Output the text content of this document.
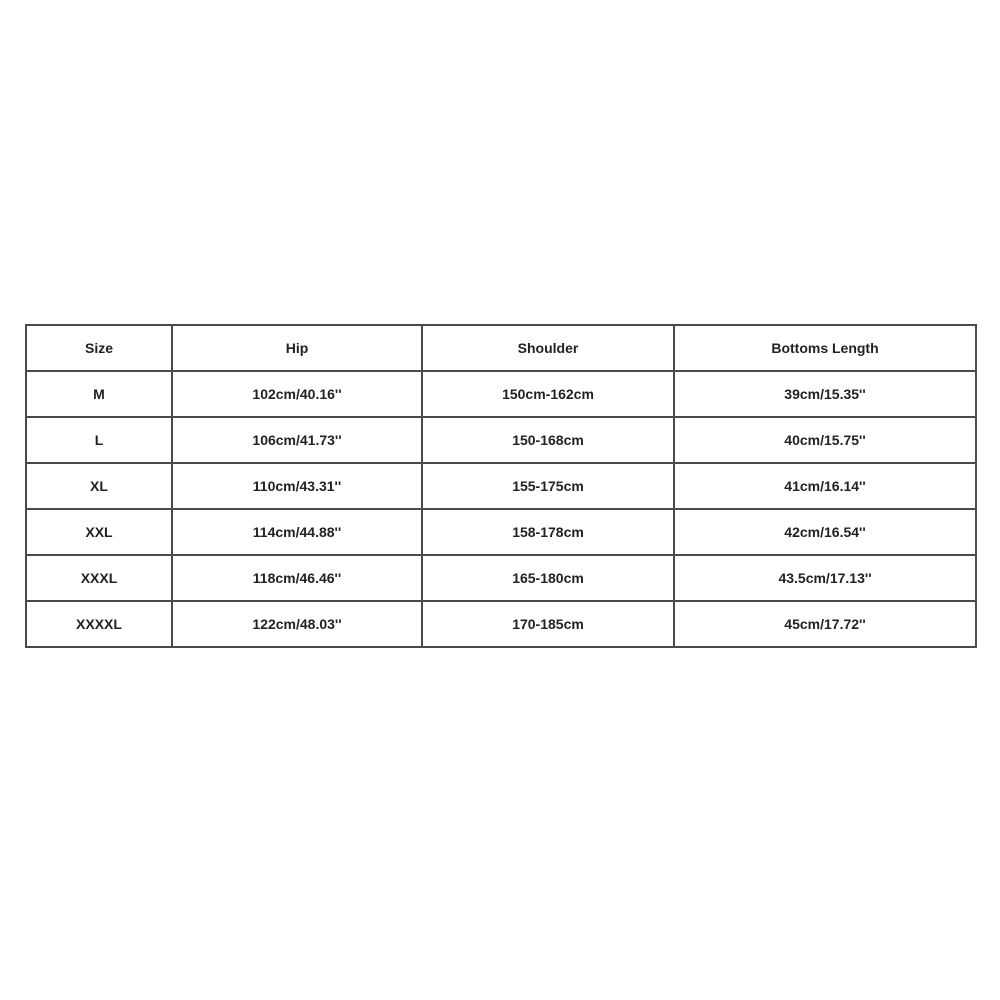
Size	Hip	Shoulder	Bottoms Length
M	102cm/40.16''	150cm-162cm	39cm/15.35''
L	106cm/41.73''	150-168cm	40cm/15.75''
XL	110cm/43.31''	155-175cm	41cm/16.14''
XXL	114cm/44.88''	158-178cm	42cm/16.54''
XXXL	118cm/46.46''	165-180cm	43.5cm/17.13''
XXXXL	122cm/48.03''	170-185cm	45cm/17.72''
